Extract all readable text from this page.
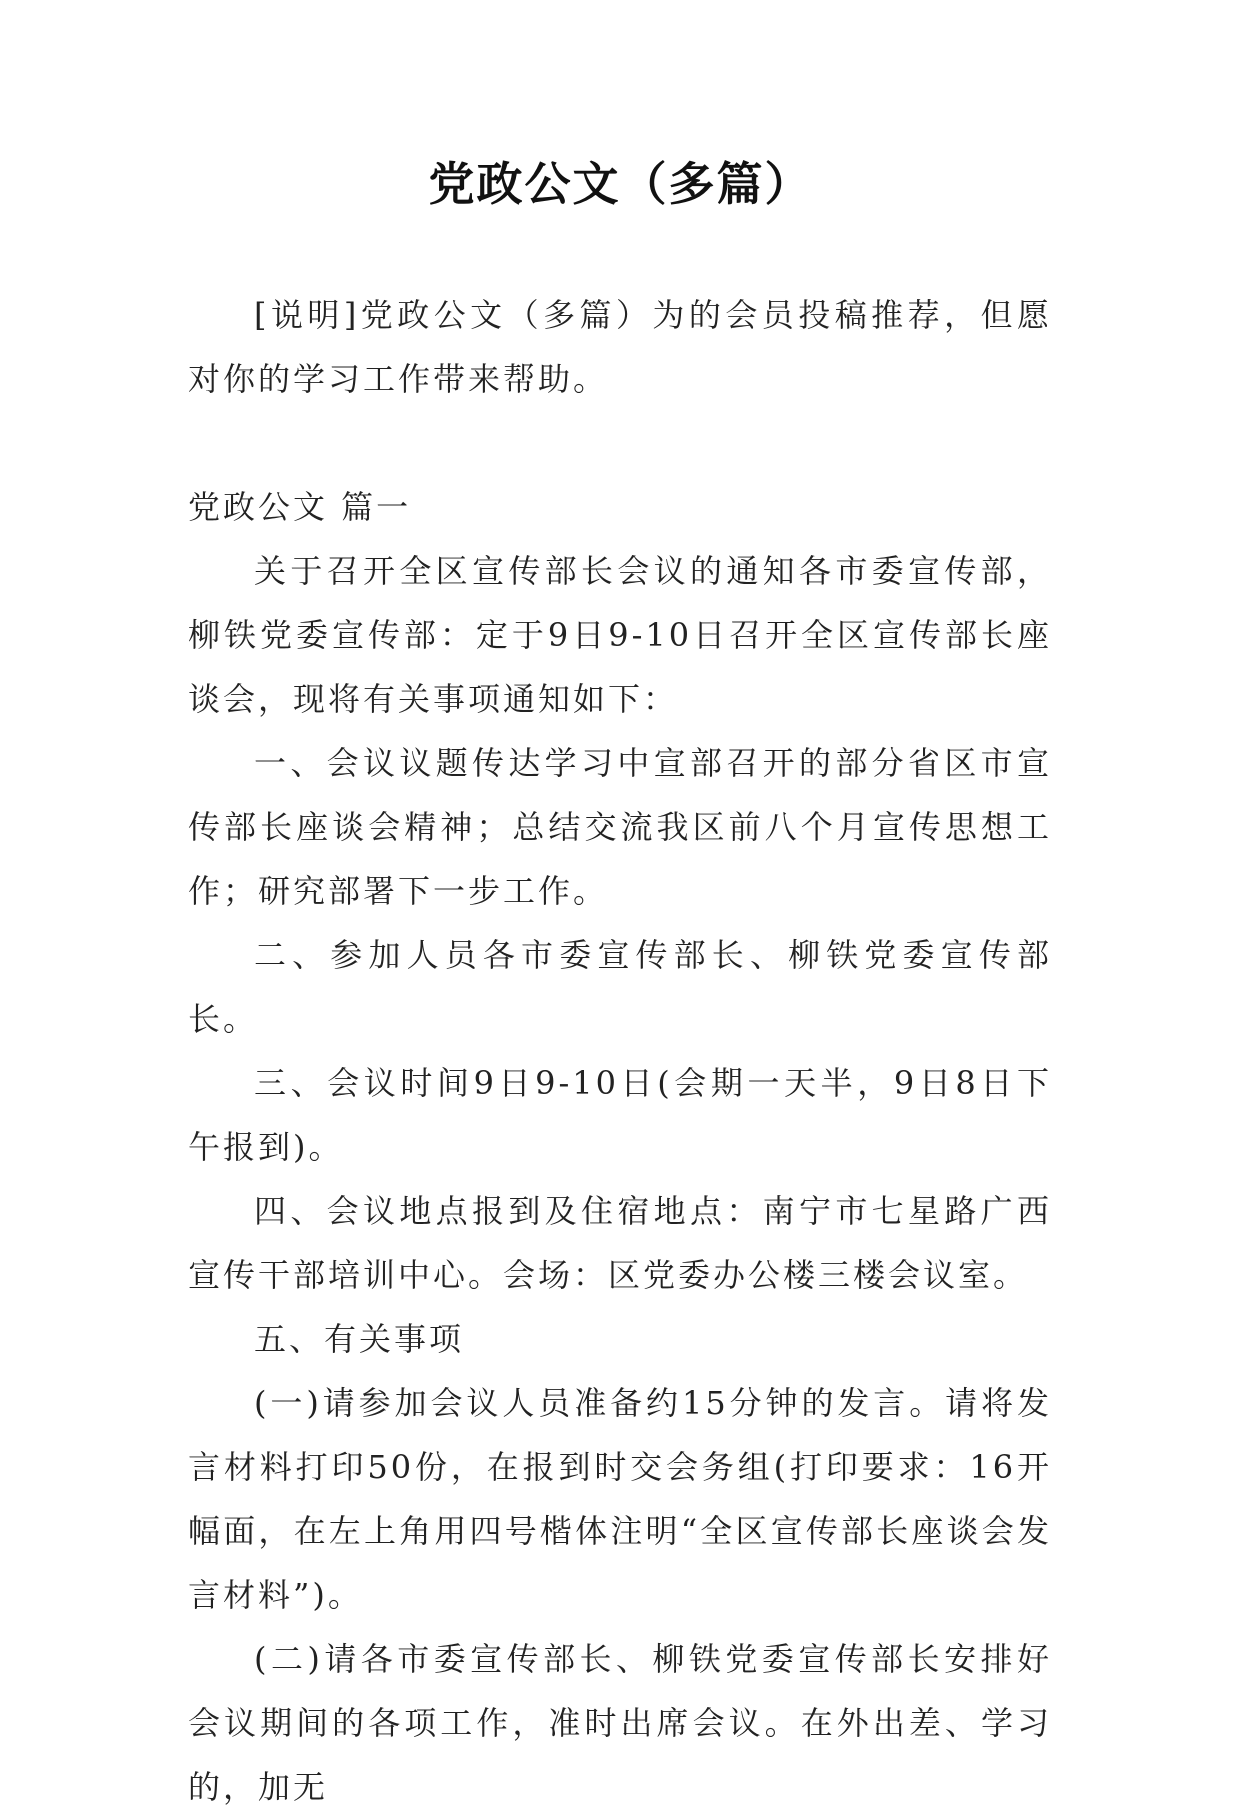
党政公文（多篇）

[说明]党政公文（多篇）为的会员投稿推荐，但愿对你的学习工作带来帮助。

党政公文 篇一

关于召开全区宣传部长会议的通知各市委宣传部，柳铁党委宣传部：定于9日9-10日召开全区宣传部长座谈会，现将有关事项通知如下：

一、会议议题传达学习中宣部召开的部分省区市宣传部长座谈会精神；总结交流我区前八个月宣传思想工作；研究部署下一步工作。

二、参加人员各市委宣传部长、柳铁党委宣传部长。

三、会议时间9日9-10日(会期一天半，9日8日下午报到)。

四、会议地点报到及住宿地点：南宁市七星路广西宣传干部培训中心。会场：区党委办公楼三楼会议室。

五、有关事项

(一)请参加会议人员准备约15分钟的发言。请将发言材料打印50份，在报到时交会务组(打印要求：16开幅面，在左上角用四号楷体注明“全区宣传部长座谈会发言材料”)。

(二)请各市委宣传部长、柳铁党委宣传部长安排好会议期间的各项工作，准时出席会议。在外出差、学习的，加无
